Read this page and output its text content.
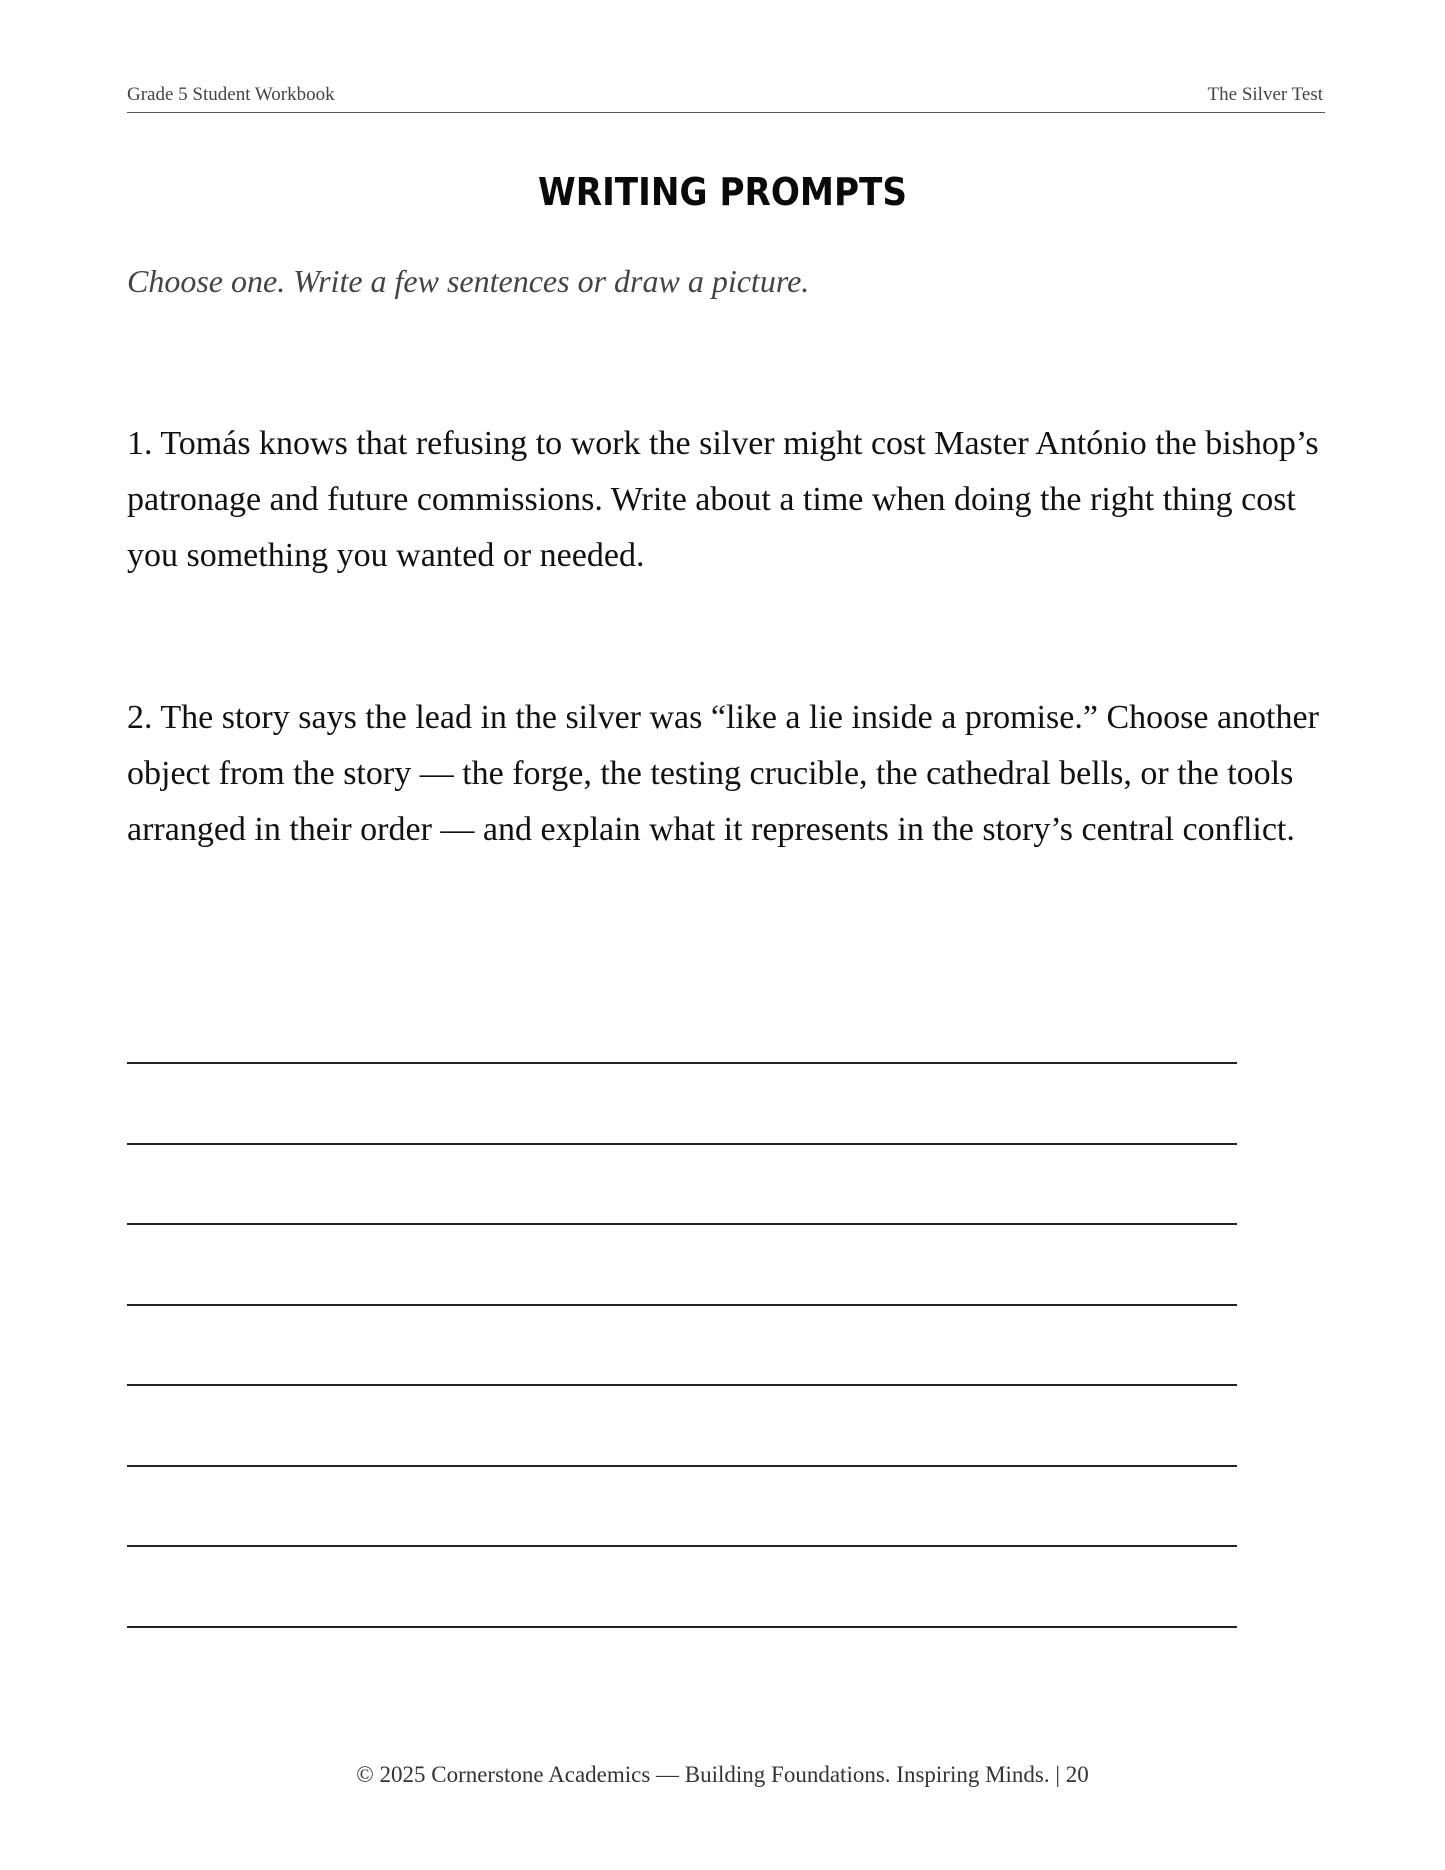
Grade 5 Student Workbook	The Silver Test
WRITING PROMPTS
Choose one. Write a few sentences or draw a picture.
1. Tomás knows that refusing to work the silver might cost Master António the bishop’s patronage and future commissions. Write about a time when doing the right thing cost you something you wanted or needed.
2. The story says the lead in the silver was “like a lie inside a promise.” Choose another object from the story — the forge, the testing crucible, the cathedral bells, or the tools arranged in their order — and explain what it represents in the story’s central conflict.
© 2025 Cornerstone Academics — Building Foundations. Inspiring Minds. | 20
